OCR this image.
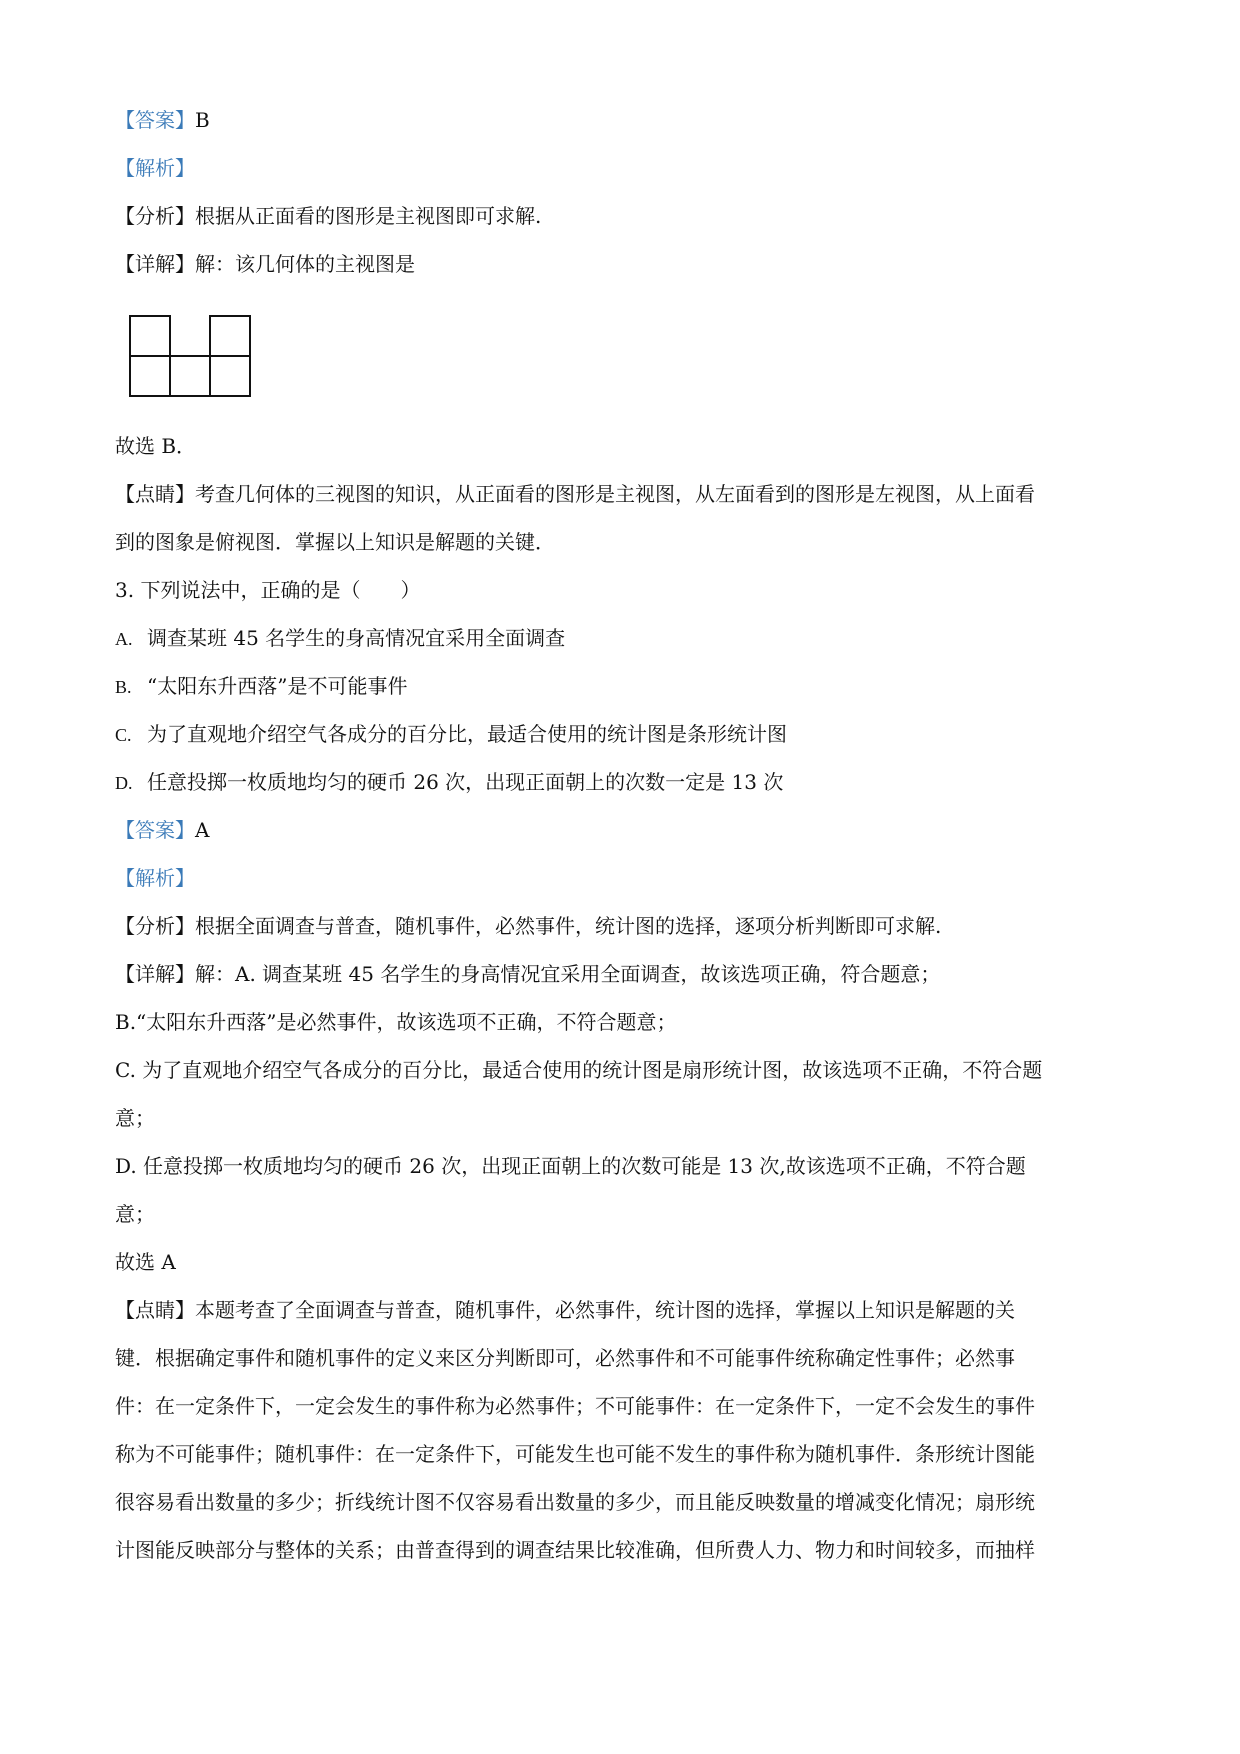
【答案】B
【解析】
【分析】根据从正面看的图形是主视图即可求解.
【详解】解：该几何体的主视图是
故选 B．
【点睛】考查几何体的三视图的知识，从正面看的图形是主视图，从左面看到的图形是左视图，从上面看
到的图象是俯视图．掌握以上知识是解题的关键．
3. 下列说法中，正确的是（　　）
A. 调查某班 45 名学生的身高情况宜采用全面调查
B. “太阳东升西落”是不可能事件
C. 为了直观地介绍空气各成分的百分比，最适合使用的统计图是条形统计图
D. 任意投掷一枚质地均匀的硬币 26 次，出现正面朝上的次数一定是 13 次
【答案】A
【解析】
【分析】根据全面调查与普查，随机事件，必然事件，统计图的选择，逐项分析判断即可求解.
【详解】解：A. 调查某班 45 名学生的身高情况宜采用全面调查，故该选项正确，符合题意；
B.“太阳东升西落”是必然事件，故该选项不正确，不符合题意；
C. 为了直观地介绍空气各成分的百分比，最适合使用的统计图是扇形统计图，故该选项不正确，不符合题
意；
D. 任意投掷一枚质地均匀的硬币 26 次，出现正面朝上的次数可能是 13 次,故该选项不正确，不符合题
意；
故选 A
【点睛】本题考查了全面调查与普查，随机事件，必然事件，统计图的选择，掌握以上知识是解题的关
键．根据确定事件和随机事件的定义来区分判断即可，必然事件和不可能事件统称确定性事件；必然事
件：在一定条件下，一定会发生的事件称为必然事件；不可能事件：在一定条件下，一定不会发生的事件
称为不可能事件；随机事件：在一定条件下，可能发生也可能不发生的事件称为随机事件．条形统计图能
很容易看出数量的多少；折线统计图不仅容易看出数量的多少，而且能反映数量的增减变化情况；扇形统
计图能反映部分与整体的关系；由普查得到的调查结果比较准确，但所费人力、物力和时间较多，而抽样
